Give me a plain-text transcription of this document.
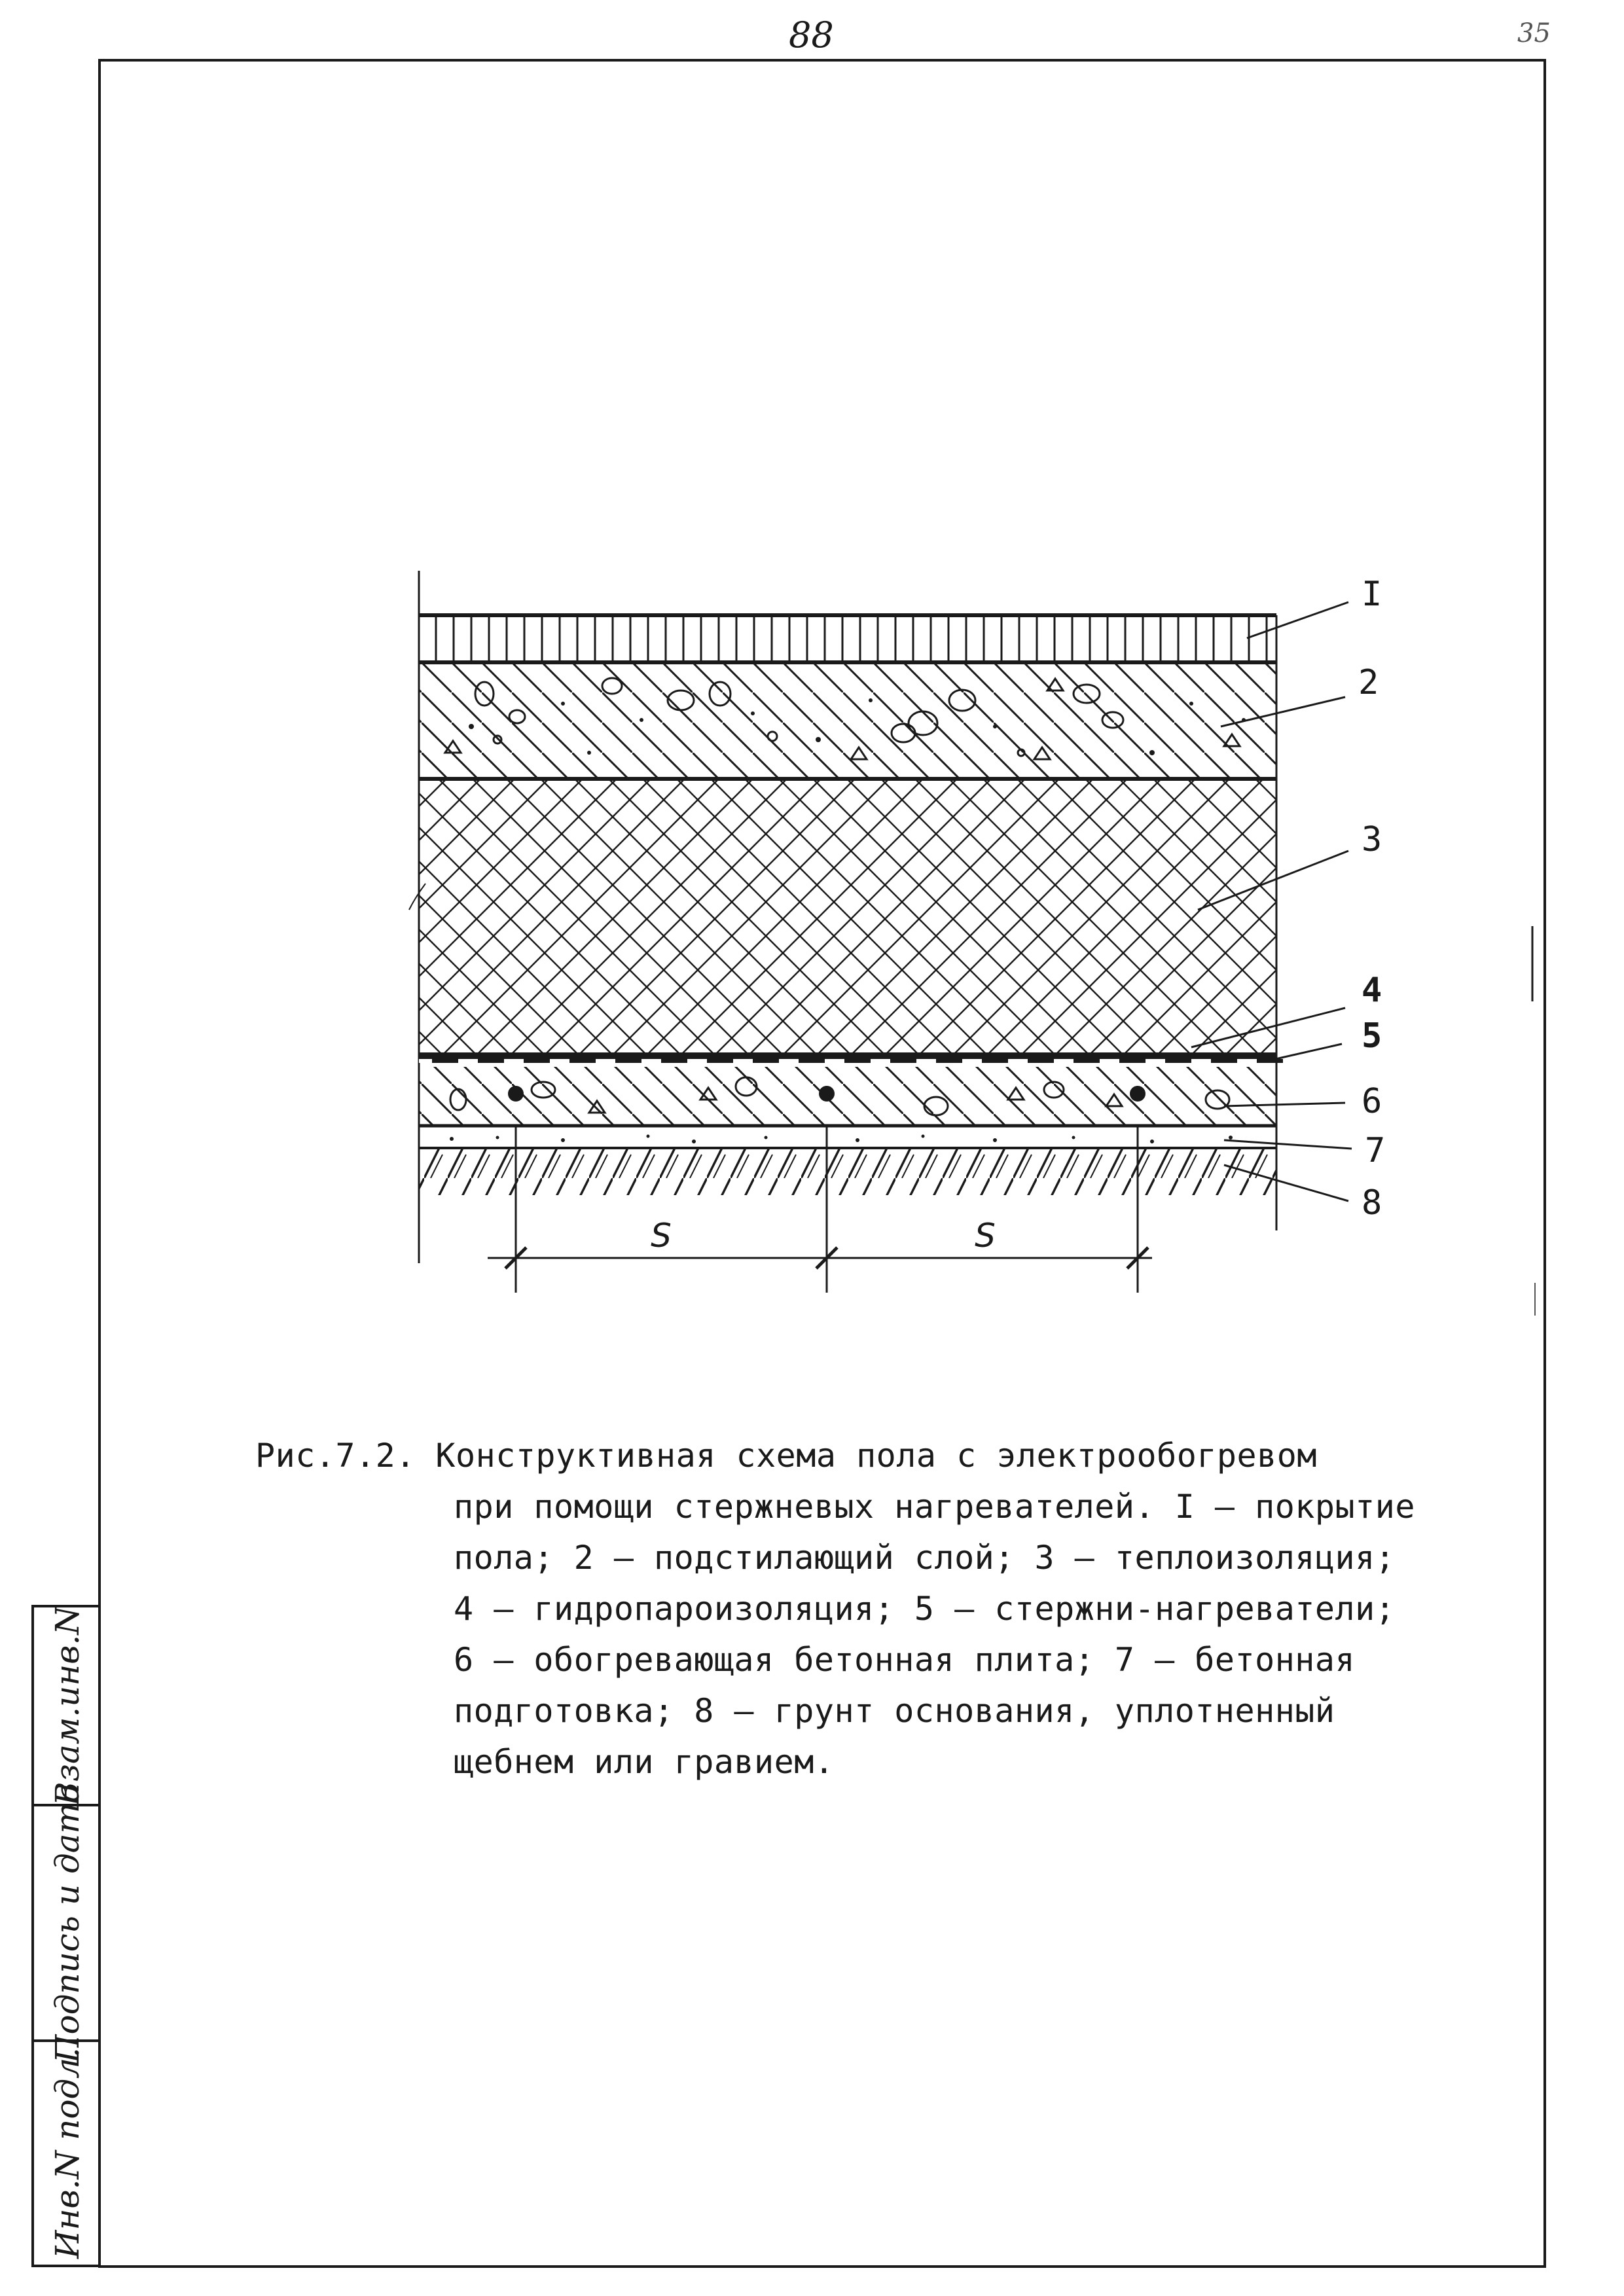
88	35
Взам.инв.N
Подпись и дата
Инв.N подл.
S	S
I
2
3
4
5
6
7
8
Рис.7.2. Конструктивная схема пола с электрообогревом
при помощи стержневых нагревателей. I – покрытие
пола; 2 – подстилающий слой; 3 – теплоизоляция;
4 – гидропароизоляция; 5 – стержни-нагреватели;
6 – обогревающая бетонная плита; 7 – бетонная
подготовка; 8 – грунт основания, уплотненный
щебнем или гравием.
